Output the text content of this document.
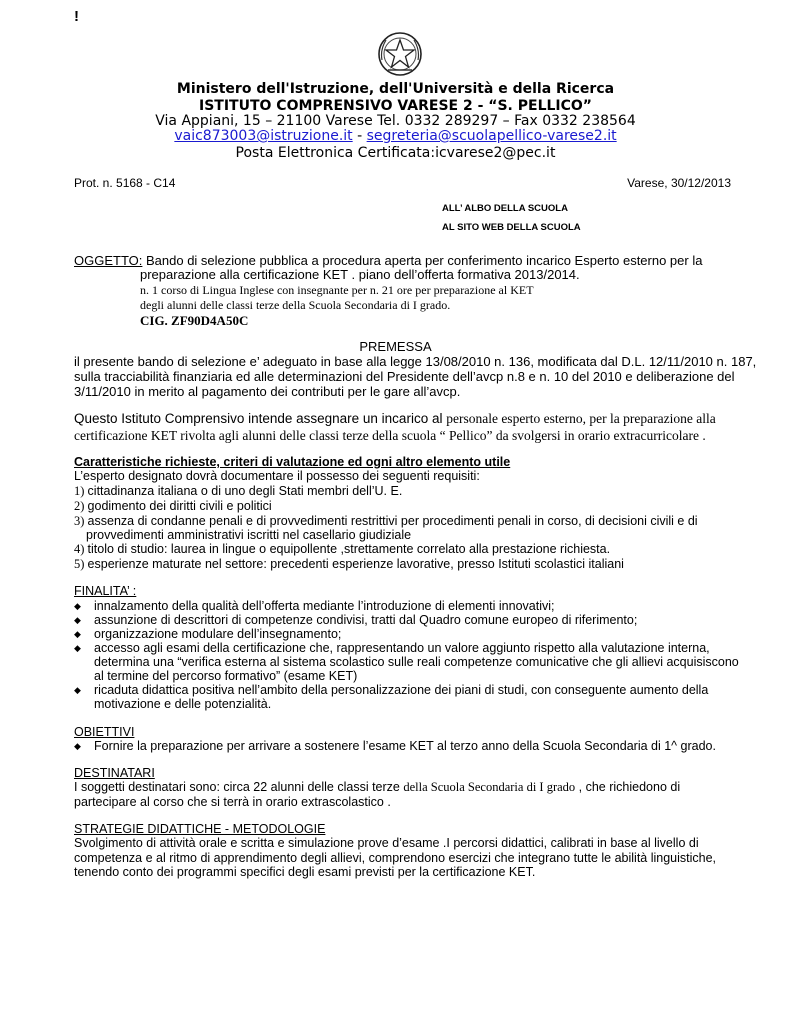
!
Ministero dell'Istruzione, dell'Università e della Ricerca
ISTITUTO COMPRENSIVO VARESE 2 - “S. PELLICO”
Via Appiani, 15 – 21100 Varese Tel. 0332 289297 – Fax 0332 238564
vaic873003@istruzione.it - segreteria@scuolapellico-varese2.it
Posta Elettronica Certificata:icvarese2@pec.it
Prot. n. 5168 - C14	Varese, 30/12/2013
ALL’ ALBO DELLA SCUOLA
AL SITO WEB DELLA SCUOLA
OGGETTO: Bando di selezione pubblica a procedura aperta per conferimento incarico Esperto esterno per la
preparazione alla certificazione KET . piano dell’offerta formativa 2013/2014.
n. 1 corso di Lingua Inglese con insegnante per n. 21 ore per preparazione al KET
degli alunni delle classi terze della Scuola Secondaria di I grado.
CIG. ZF90D4A50C
PREMESSA
il presente bando di selezione e’ adeguato in base alla legge 13/08/2010 n. 136, modificata dal D.L. 12/11/2010 n. 187,
sulla tracciabilità finanziaria ed alle determinazioni del Presidente dell’avcp n.8 e n. 10 del 2010 e deliberazione del
3/11/2010 in merito al pagamento dei contributi per le gare all’avcp.
Questo Istituto Comprensivo intende assegnare un incarico al personale esperto esterno, per la preparazione alla
certificazione KET rivolta agli alunni delle classi terze della scuola “ Pellico” da svolgersi in orario extracurricolare .
Caratteristiche richieste, criteri di valutazione ed ogni altro elemento utile
L’esperto designato dovrà documentare il possesso dei seguenti requisiti:
1) cittadinanza italiana o di uno degli Stati membri dell’U. E.
2) godimento dei diritti civili e politici
3) assenza di condanne penali e di provvedimenti restrittivi per procedimenti penali in corso, di decisioni civili e di
provvedimenti amministrativi iscritti nel casellario giudiziale
4) titolo di studio: laurea in lingue o equipollente ,strettamente correlato alla prestazione richiesta.
5) esperienze maturate nel settore: precedenti esperienze lavorative, presso Istituti scolastici italiani
FINALITA’ :
◆ innalzamento della qualità dell’offerta mediante l’introduzione di elementi innovativi;
◆ assunzione di descrittori di competenze condivisi, tratti dal Quadro comune europeo di riferimento;
◆ organizzazione modulare dell’insegnamento;
◆ accesso agli esami della certificazione che, rappresentando un valore aggiunto rispetto alla valutazione interna,
determina una “verifica esterna al sistema scolastico sulle reali competenze comunicative che gli allievi acquisiscono
al termine del percorso formativo” (esame KET)
◆ ricaduta didattica positiva nell’ambito della personalizzazione dei piani di studi, con conseguente aumento della
motivazione e delle potenzialità.
OBIETTIVI
◆ Fornire la preparazione per arrivare a sostenere l’esame KET al terzo anno della Scuola Secondaria di 1^ grado.
DESTINATARI
I soggetti destinatari sono: circa 22 alunni delle classi terze della Scuola Secondaria di I grado , che richiedono di
partecipare al corso che si terrà in orario extrascolastico .
STRATEGIE DIDATTICHE - METODOLOGIE
Svolgimento di attività orale e scritta e simulazione prove d’esame .I percorsi didattici, calibrati in base al livello di
competenza e al ritmo di apprendimento degli allievi, comprendono esercizi che integrano tutte le abilità linguistiche,
tenendo conto dei programmi specifici degli esami previsti per la certificazione KET.
